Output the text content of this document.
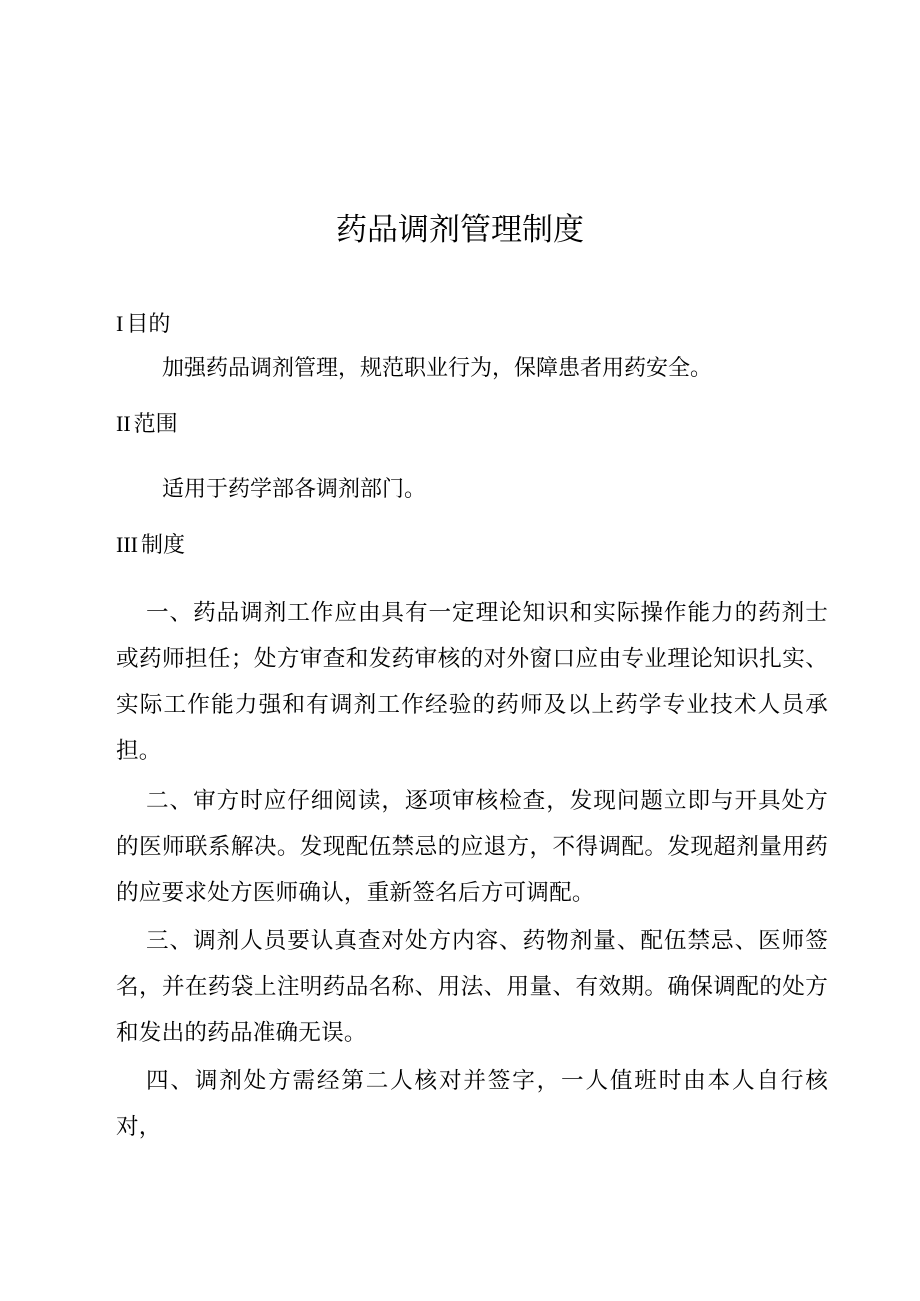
药品调剂管理制度
I 目的
加强药品调剂管理，规范职业行为，保障患者用药安全。
II 范围
适用于药学部各调剂部门。
III 制度
一、药品调剂工作应由具有一定理论知识和实际操作能力的药剂士或药师担任；处方审查和发药审核的对外窗口应由专业理论知识扎实、实际工作能力强和有调剂工作经验的药师及以上药学专业技术人员承担。
二、审方时应仔细阅读，逐项审核检查，发现问题立即与开具处方的医师联系解决。发现配伍禁忌的应退方，不得调配。发现超剂量用药的应要求处方医师确认，重新签名后方可调配。
三、调剂人员要认真查对处方内容、药物剂量、配伍禁忌、医师签名，并在药袋上注明药品名称、用法、用量、有效期。确保调配的处方和发出的药品准确无误。
四、调剂处方需经第二人核对并签字，一人值班时由本人自行核对，
